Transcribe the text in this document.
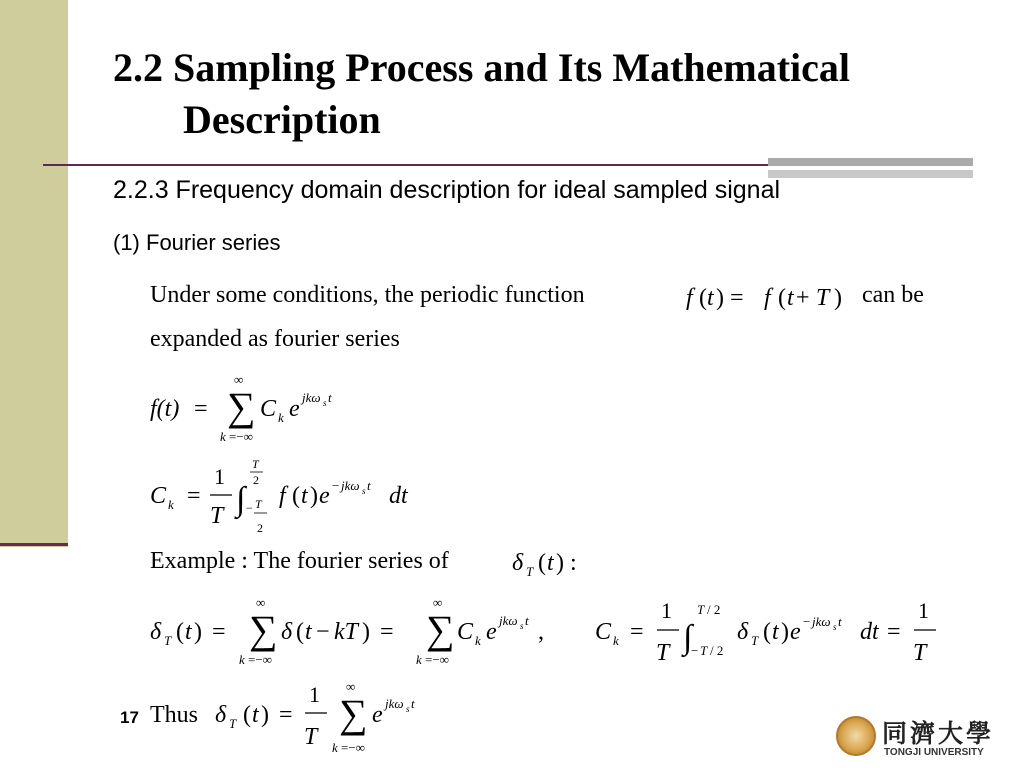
2.2 Sampling Process and Its Mathematical
Description
2.2.3 Frequency domain description for ideal sampled signal
(1) Fourier series
Under some conditions, the periodic function	can be
expanded as fourier series
Example : The fourier series of
Thus
f ( t ) = f ( t + T )
f(t) =
∞
∑
k =−∞
C k e jkω s t
C k =
1
T ∫
T
2
− T
2
f ( t ) e − jkω s t dt
δ T ( t ) :
δ T ( t ) =
∞
∑
k =−∞
δ ( t − kT ) =
∞
∑
k =−∞
C k e jkω s t , C k =
1
T ∫
T / 2
− T / 2
δ T ( t ) e − jkω s t dt =
1
T
δ T ( t ) =
1
T
∞
∑
k =−∞
e jkω s t
17
同濟大學
TONGJI UNIVERSITY
